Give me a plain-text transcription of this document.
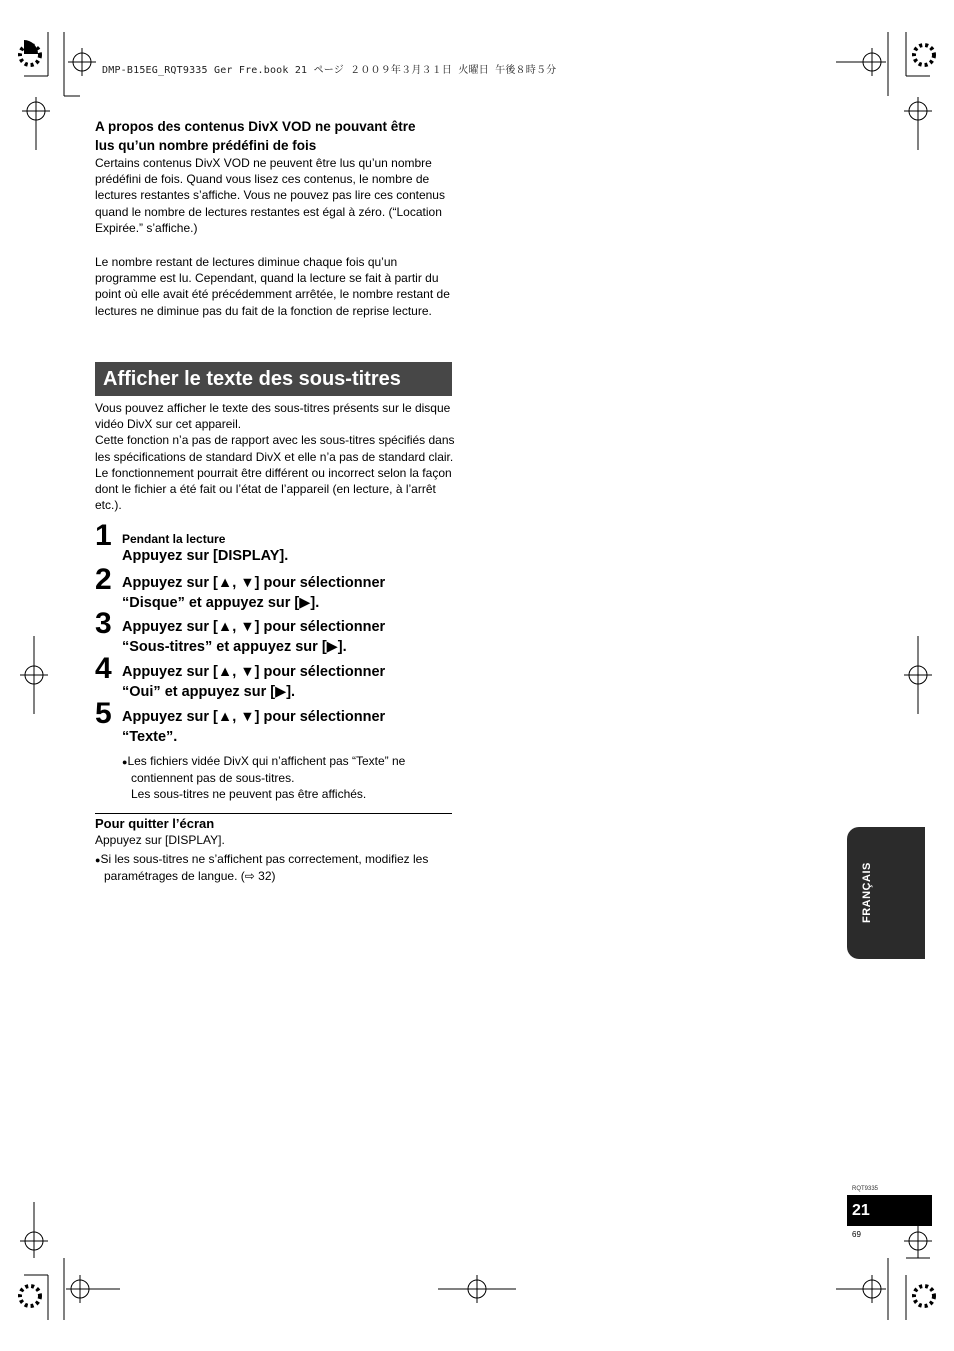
DMP-B15EG_RQT9335 Ger Fre.book 21 ページ ２００９年３月３１日 火曜日 午後８時５分
A propos des contenus DivX VOD ne pouvant être
lus qu’un nombre prédéfini de fois

Certains contenus DivX VOD ne peuvent être lus qu’un nombre prédéfini de fois. Quand vous lisez ces contenus, le nombre de lectures restantes s’affiche. Vous ne pouvez pas lire ces contenus quand le nombre de lectures restantes est égal à zéro. (“Location Expirée.” s’affiche.)

Le nombre restant de lectures diminue chaque fois qu’un programme est lu. Cependant, quand la lecture se fait à partir du point où elle avait été précédemment arrêtée, le nombre restant de lectures ne diminue pas du fait de la fonction de reprise lecture.

Afficher le texte des sous-titres

Vous pouvez afficher le texte des sous-titres présents sur le disque vidéo DivX sur cet appareil.

Cette fonction n’a pas de rapport avec les sous-titres spécifiés dans les spécifications de standard DivX et elle n’a pas de standard clair. Le fonctionnement pourrait être différent ou incorrect selon la façon dont le fichier a été fait ou l’état de l’appareil (en lecture, à l’arrêt etc.).

1 Pendant la lecture
Appuyez sur [DISPLAY].
2 Appuyez sur [▲, ▼] pour sélectionner
“Disque” et appuyez sur [▶].
3 Appuyez sur [▲, ▼] pour sélectionner
“Sous-titres” et appuyez sur [▶].
4 Appuyez sur [▲, ▼] pour sélectionner
“Oui” et appuyez sur [▶].
5 Appuyez sur [▲, ▼] pour sélectionner
“Texte”.
●Les fichiers vidée DivX qui n’affichent pas “Texte” ne
contiennent pas de sous-titres.
Les sous-titres ne peuvent pas être affichés.
Pour quitter l’écran
Appuyez sur [DISPLAY].
●Si les sous-titres ne s’affichent pas correctement, modifiez les
paramétrages de langue. (⇨ 32)	FRANÇAIS
RQT9335
21
69
